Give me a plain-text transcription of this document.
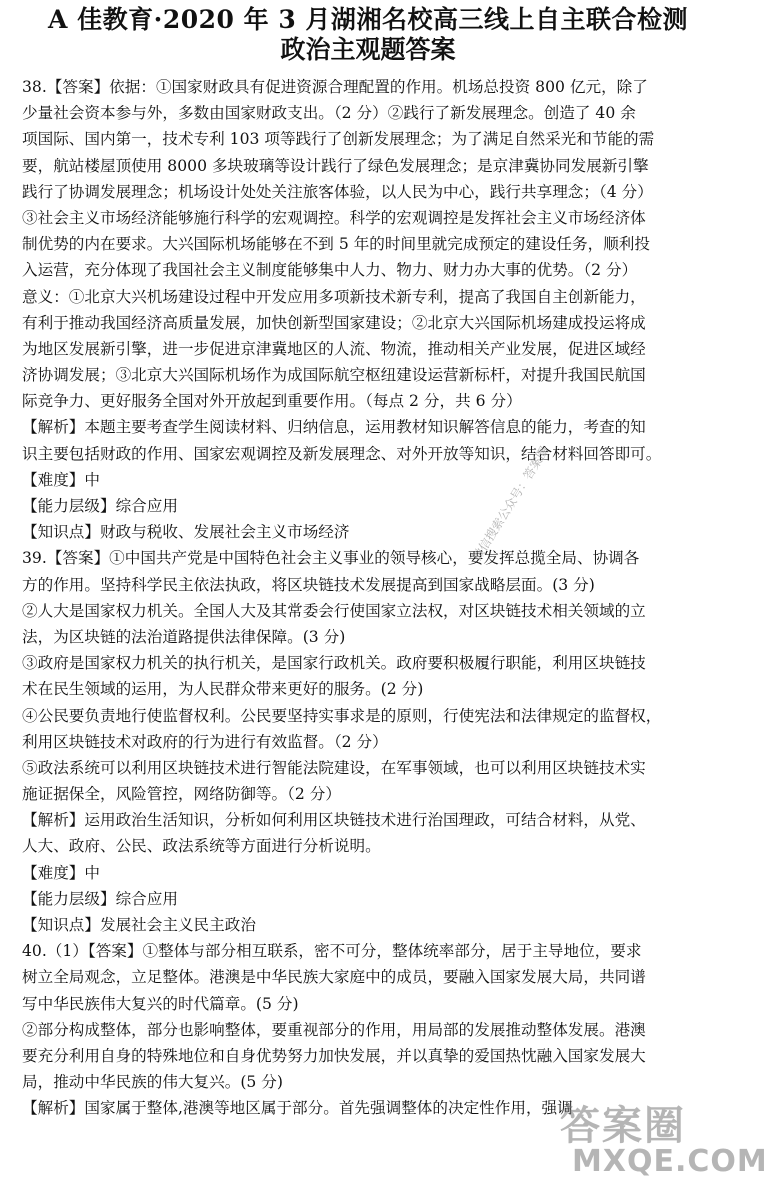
A 佳教育·2020 年 3 月湖湘名校高三线上自主联合检测
政治主观题答案
38.【答案】依据：①国家财政具有促进资源合理配置的作用。机场总投资 800 亿元，除了
少量社会资本参与外，多数由国家财政支出。（2 分）②践行了新发展理念。创造了 40 余
项国际、国内第一，技术专利 103 项等践行了创新发展理念；为了满足自然采光和节能的需
要，航站楼屋顶使用 8000 多块玻璃等设计践行了绿色发展理念；是京津冀协同发展新引擎
践行了协调发展理念；机场设计处处关注旅客体验，以人民为中心，践行共享理念；（4 分）
③社会主义市场经济能够施行科学的宏观调控。科学的宏观调控是发挥社会主义市场经济体
制优势的内在要求。大兴国际机场能够在不到 5 年的时间里就完成预定的建设任务，顺利投
入运营，充分体现了我国社会主义制度能够集中人力、物力、财力办大事的优势。（2 分）
意义：①北京大兴机场建设过程中开发应用多项新技术新专利，提高了我国自主创新能力，
有利于推动我国经济高质量发展，加快创新型国家建设；②北京大兴国际机场建成投运将成
为地区发展新引擎，进一步促进京津冀地区的人流、物流，推动相关产业发展，促进区域经
济协调发展；③北京大兴国际机场作为成国际航空枢纽建设运营新标杆，对提升我国民航国
际竞争力、更好服务全国对外开放起到重要作用。（每点 2 分，共 6 分）
【解析】本题主要考查学生阅读材料、归纳信息，运用教材知识解答信息的能力，考查的知
识主要包括财政的作用、国家宏观调控及新发展理念、对外开放等知识，结合材料回答即可。
【难度】中
【能力层级】综合应用
【知识点】财政与税收、发展社会主义市场经济
39.【答案】①中国共产党是中国特色社会主义事业的领导核心，要发挥总揽全局、协调各
方的作用。坚持科学民主依法执政，将区块链技术发展提高到国家战略层面。(3 分)
②人大是国家权力机关。全国人大及其常委会行使国家立法权，对区块链技术相关领域的立
法，为区块链的法治道路提供法律保障。(3 分)
③政府是国家权力机关的执行机关，是国家行政机关。政府要积极履行职能，利用区块链技
术在民生领域的运用，为人民群众带来更好的服务。(2 分)
④公民要负责地行使监督权利。公民要坚持实事求是的原则，行使宪法和法律规定的监督权，
利用区块链技术对政府的行为进行有效监督。（2 分）
⑤政法系统可以利用区块链技术进行智能法院建设，在军事领域，也可以利用区块链技术实
施证据保全，风险管控，网络防御等。（2 分）
【解析】运用政治生活知识，分析如何利用区块链技术进行治国理政，可结合材料，从党、
人大、政府、公民、政法系统等方面进行分析说明。
【难度】中
【能力层级】综合应用
【知识点】发展社会主义民主政治
40.（1）【答案】①整体与部分相互联系，密不可分，整体统率部分，居于主导地位，要求
树立全局观念，立足整体。港澳是中华民族大家庭中的成员，要融入国家发展大局，共同谱
写中华民族伟大复兴的时代篇章。(5 分)
②部分构成整体，部分也影响整体，要重视部分的作用，用局部的发展推动整体发展。港澳
要充分利用自身的特殊地位和自身优势努力加快发展，并以真挚的爱国热忱融入国家发展大
局，推动中华民族的伟大复兴。(5 分)
【解析】国家属于整体,港澳等地区属于部分。首先强调整体的决定性作用，强调
微信搜索公众号：答案圈
答案圈
MXQE.COM
